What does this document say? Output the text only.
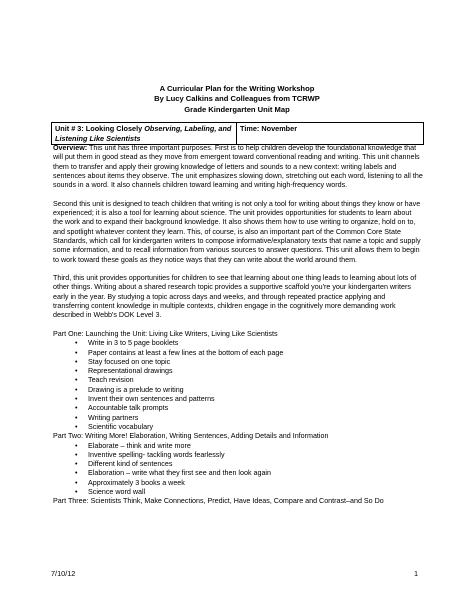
A Curricular Plan for the Writing Workshop
By Lucy Calkins and Colleagues from TCRWP
Grade Kindergarten Unit Map
Unit # 3: Looking Closely Observing, Labeling, and Listening Like Scientists	Time: November

Overview: This unit has three important purposes. First is to help children develop the foundational knowledge that will put them in good stead as they move from emergent toward conventional reading and writing. This unit channels them to transfer and apply their growing knowledge of letters and sounds to a new context: writing labels and sentences about items they observe. The unit emphasizes slowing down, stretching out each word, listening to all the sounds in a word. It also channels children toward learning and writing high-frequency words.

Second this unit is designed to teach children that writing is not only a tool for writing about things they know or have experienced; it is also a tool for learning about science. The unit provides opportunities for students to learn about the work and to expand their background knowledge. It also shows them how to use writing to organize, hold on to, and spotlight whatever content they learn. This, of course, is also an important part of the Common Core State Standards, which call for kindergarten writers to compose informative/explanatory texts that name a topic and supply some information, and to recall information from various sources to answer questions. This unit allows them to begin to work toward these goals as they notice ways that they can write about the world around them.

Third, this unit provides opportunities for children to see that learning about one thing leads to learning about lots of other things. Writing about a shared research topic provides a supportive scaffold you're your kindergarten writers early in the year. By studying a topic across days and weeks, and through repeated practice applying and transferring content knowledge in multiple contexts, children engage in the cognitively more demanding work described in Webb's DOK Level 3.

Part One: Launching the Unit: Living Like Writers, Living Like Scientists
• Write in 3 to 5 page booklets
• Paper contains at least a few lines at the bottom of each page
• Stay focused on one topic
• Representational drawings
• Teach revision
• Drawing is a prelude to writing
• Invent their own sentences and patterns
• Accountable talk prompts
• Writing partners
• Scientific vocabulary
Part Two: Writing More! Elaboration, Writing Sentences, Adding Details and Information
• Elaborate – think and write more
• Inventive spelling- tackling words fearlessly
• Different kind of sentences
• Elaboration – write what they first see and then look again
• Approximately 3 books a week
• Science word wall
Part Three: Scientists Think, Make Connections, Predict, Have Ideas, Compare and Contrast–and So Do
7/10/12	1
